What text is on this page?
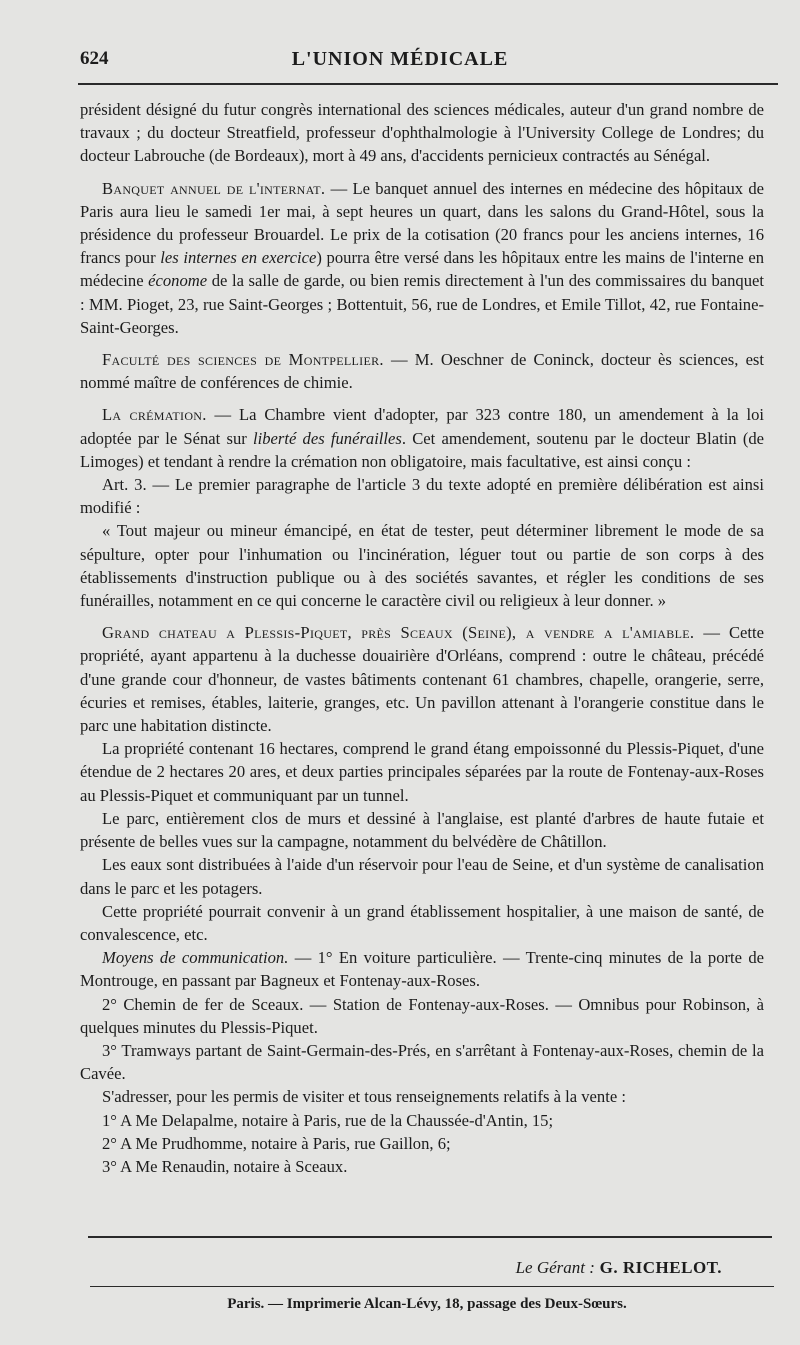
624	L'UNION MÉDICALE

président désigné du futur congrès international des sciences médicales, auteur d'un grand nombre de travaux ; du docteur Streatfield, professeur d'ophthalmologie à l'University College de Londres; du docteur Labrouche (de Bordeaux), mort à 49 ans, d'accidents pernicieux contractés au Sénégal.

Banquet annuel de l'internat. — Le banquet annuel des internes en médecine des hôpitaux de Paris aura lieu le samedi 1er mai, à sept heures un quart, dans les salons du Grand-Hôtel, sous la présidence du professeur Brouardel. Le prix de la cotisation (20 francs pour les anciens internes, 16 francs pour les internes en exercice) pourra être versé dans les hôpitaux entre les mains de l'interne en médecine économe de la salle de garde, ou bien remis directement à l'un des commissaires du banquet : MM. Pioget, 23, rue Saint-Georges ; Bottentuit, 56, rue de Londres, et Emile Tillot, 42, rue Fontaine-Saint-Georges.

Faculté des sciences de Montpellier. — M. Oeschner de Coninck, docteur ès sciences, est nommé maître de conférences de chimie.

La crémation. — La Chambre vient d'adopter, par 323 contre 180, un amendement à la loi adoptée par le Sénat sur liberté des funérailles. Cet amendement, soutenu par le docteur Blatin (de Limoges) et tendant à rendre la crémation non obligatoire, mais facultative, est ainsi conçu :

Art. 3. — Le premier paragraphe de l'article 3 du texte adopté en première délibération est ainsi modifié :

« Tout majeur ou mineur émancipé, en état de tester, peut déterminer librement le mode de sa sépulture, opter pour l'inhumation ou l'incinération, léguer tout ou partie de son corps à des établissements d'instruction publique ou à des sociétés savantes, et régler les conditions de ses funérailles, notamment en ce qui concerne le caractère civil ou religieux à leur donner. »

Grand chateau a Plessis-Piquet, près Sceaux (Seine), a vendre a l'amiable. — Cette propriété, ayant appartenu à la duchesse douairière d'Orléans, comprend : outre le château, précédé d'une grande cour d'honneur, de vastes bâtiments contenant 61 chambres, chapelle, orangerie, serre, écuries et remises, étables, laiterie, granges, etc. Un pavillon attenant à l'orangerie constitue dans le parc une habitation distincte.

La propriété contenant 16 hectares, comprend le grand étang empoissonné du Plessis-Piquet, d'une étendue de 2 hectares 20 ares, et deux parties principales séparées par la route de Fontenay-aux-Roses au Plessis-Piquet et communiquant par un tunnel.

Le parc, entièrement clos de murs et dessiné à l'anglaise, est planté d'arbres de haute futaie et présente de belles vues sur la campagne, notamment du belvédère de Châtillon.

Les eaux sont distribuées à l'aide d'un réservoir pour l'eau de Seine, et d'un système de canalisation dans le parc et les potagers.

Cette propriété pourrait convenir à un grand établissement hospitalier, à une maison de santé, de convalescence, etc.

Moyens de communication. — 1° En voiture particulière. — Trente-cinq minutes de la porte de Montrouge, en passant par Bagneux et Fontenay-aux-Roses.

2° Chemin de fer de Sceaux. — Station de Fontenay-aux-Roses. — Omnibus pour Robinson, à quelques minutes du Plessis-Piquet.

3° Tramways partant de Saint-Germain-des-Prés, en s'arrêtant à Fontenay-aux-Roses, chemin de la Cavée.

S'adresser, pour les permis de visiter et tous renseignements relatifs à la vente :

1° A Me Delapalme, notaire à Paris, rue de la Chaussée-d'Antin, 15;

2° A Me Prudhomme, notaire à Paris, rue Gaillon, 6;

3° A Me Renaudin, notaire à Sceaux.

Le Gérant : G. RICHELOT.
Paris. — Imprimerie Alcan-Lévy, 18, passage des Deux-Sœurs.
